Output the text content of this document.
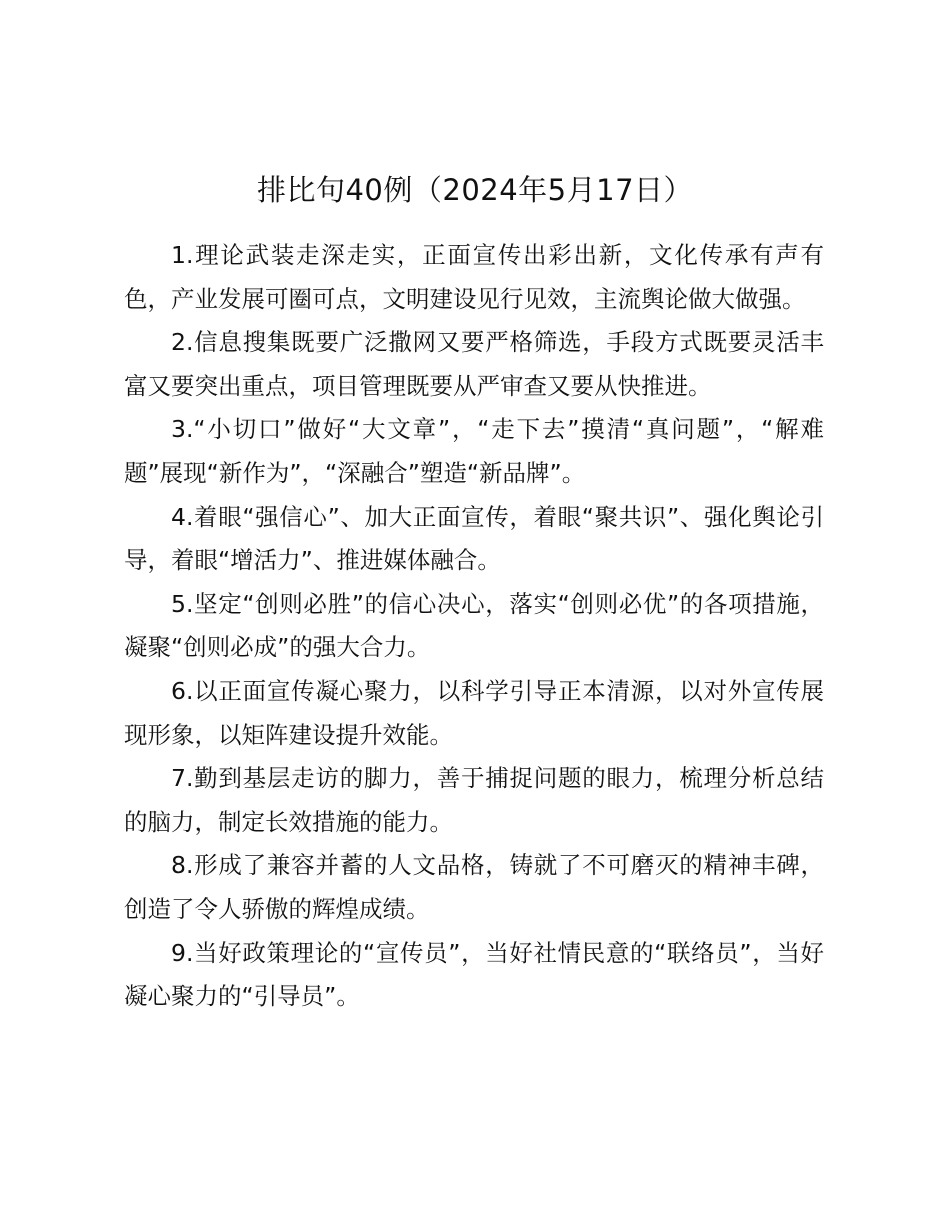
排比句40例（2024年5月17日）

1.理论武装走深走实，正面宣传出彩出新，文化传承有声有色，产业发展可圈可点，文明建设见行见效，主流舆论做大做强。

2.信息搜集既要广泛撒网又要严格筛选，手段方式既要灵活丰富又要突出重点，项目管理既要从严审查又要从快推进。

3.“小切口”做好“大文章”，“走下去”摸清“真问题”，“解难题”展现“新作为”，“深融合”塑造“新品牌”。

4.着眼“强信心”、加大正面宣传，着眼“聚共识”、强化舆论引导，着眼“增活力”、推进媒体融合。

5.坚定“创则必胜”的信心决心，落实“创则必优”的各项措施，凝聚“创则必成”的强大合力。

6.以正面宣传凝心聚力，以科学引导正本清源，以对外宣传展现形象，以矩阵建设提升效能。

7.勤到基层走访的脚力，善于捕捉问题的眼力，梳理分析总结的脑力，制定长效措施的能力。

8.形成了兼容并蓄的人文品格，铸就了不可磨灭的精神丰碑，创造了令人骄傲的辉煌成绩。

9.当好政策理论的“宣传员”，当好社情民意的“联络员”，当好凝心聚力的“引导员”。
